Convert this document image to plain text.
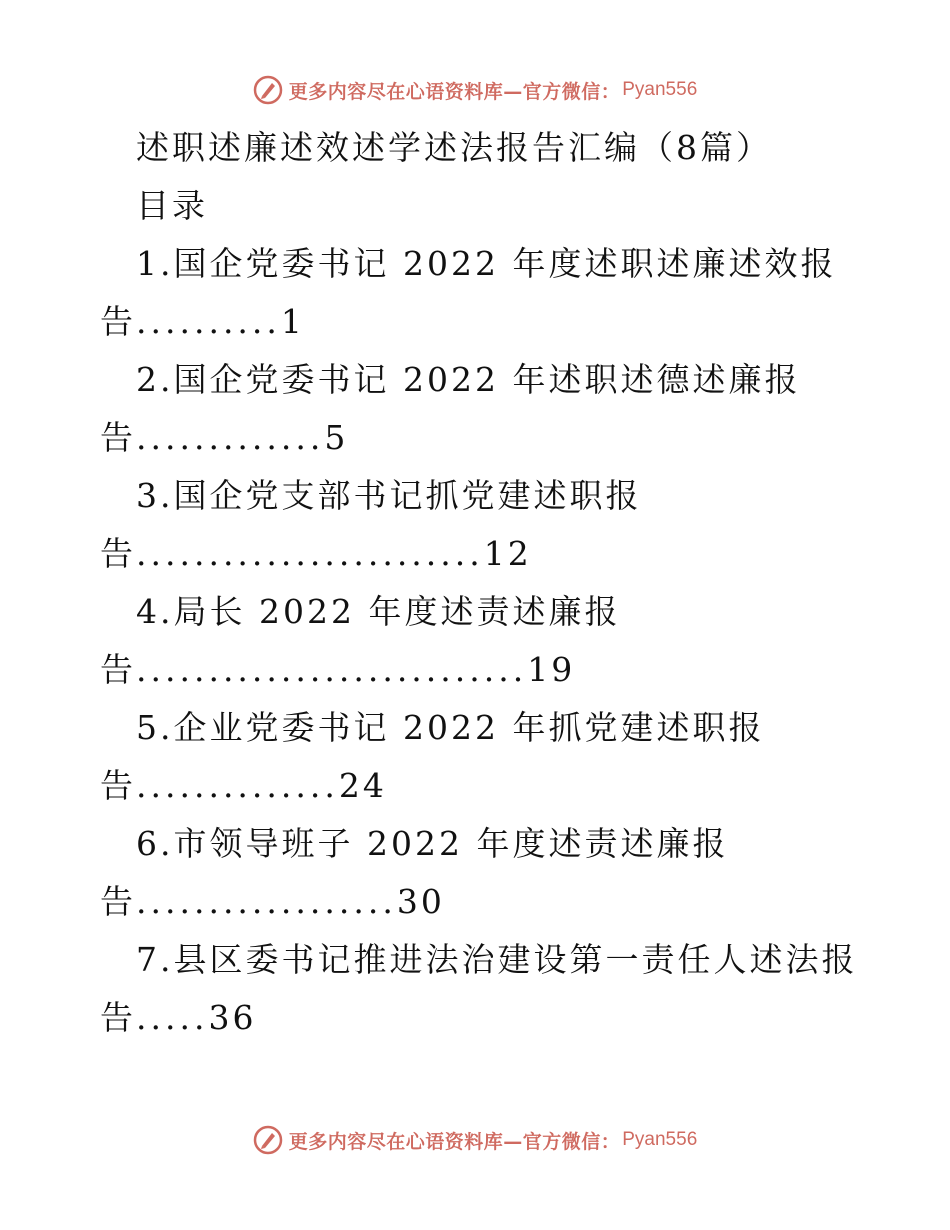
更多内容尽在心语资料库—官方微信： Pyan556
述职述廉述效述学述法报告汇编（8篇）
目录
1.国企党委书记 2022 年度述职述廉述效报
告..........1
2.国企党委书记 2022 年述职述德述廉报
告.............5
3.国企党支部书记抓党建述职报
告........................12
4.局长 2022 年度述责述廉报
告...........................19
5.企业党委书记 2022 年抓党建述职报
告..............24
6.市领导班子 2022 年度述责述廉报
告..................30
7.县区委书记推进法治建设第一责任人述法报
告.....36
更多内容尽在心语资料库—官方微信： Pyan556
